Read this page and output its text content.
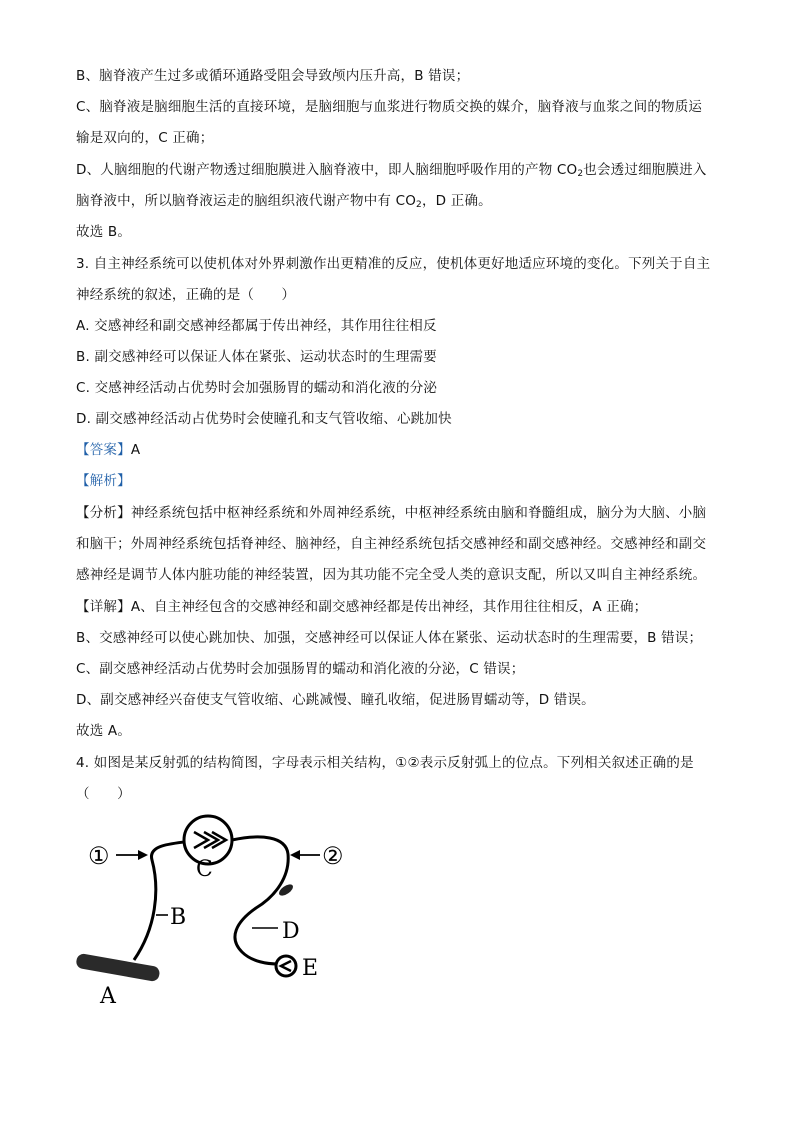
B、脑脊液产生过多或循环通路受阻会导致颅内压升高，B 错误；
C、脑脊液是脑细胞生活的直接环境，是脑细胞与血浆进行物质交换的媒介，脑脊液与血浆之间的物质运
输是双向的，C 正确；
D、人脑细胞的代谢产物透过细胞膜进入脑脊液中，即人脑细胞呼吸作用的产物 $CO_2$也会透过细胞膜进入
脑脊液中，所以脑脊液运走的脑组织液代谢产物中有 $CO_2$，D 正确。
故选 B。
3. 自主神经系统可以使机体对外界刺激作出更精准的反应，使机体更好地适应环境的变化。下列关于自主
神经系统的叙述，正确的是（　　）
A. 交感神经和副交感神经都属于传出神经，其作用往往相反
B. 副交感神经可以保证人体在紧张、运动状态时的生理需要
C. 交感神经活动占优势时会加强肠胃的蠕动和消化液的分泌
D. 副交感神经活动占优势时会使瞳孔和支气管收缩、心跳加快
【答案】A
【解析】
【分析】神经系统包括中枢神经系统和外周神经系统，中枢神经系统由脑和脊髓组成，脑分为大脑、小脑
和脑干；外周神经系统包括脊神经、脑神经，自主神经系统包括交感神经和副交感神经。交感神经和副交
感神经是调节人体内脏功能的神经装置，因为其功能不完全受人类的意识支配，所以又叫自主神经系统。
【详解】A、自主神经包含的交感神经和副交感神经都是传出神经，其作用往往相反，A 正确；
B、交感神经可以使心跳加快、加强，交感神经可以保证人体在紧张、运动状态时的生理需要，B 错误；
C、副交感神经活动占优势时会加强肠胃的蠕动和消化液的分泌，C 错误；
D、副交感神经兴奋使支气管收缩、心跳减慢、瞳孔收缩，促进肠胃蠕动等，D 错误。
故选 A。
4. 如图是某反射弧的结构简图，字母表示相关结构，①②表示反射弧上的位点。下列相关叙述正确的是
（　　）
①	②
C
B
D
E
A
